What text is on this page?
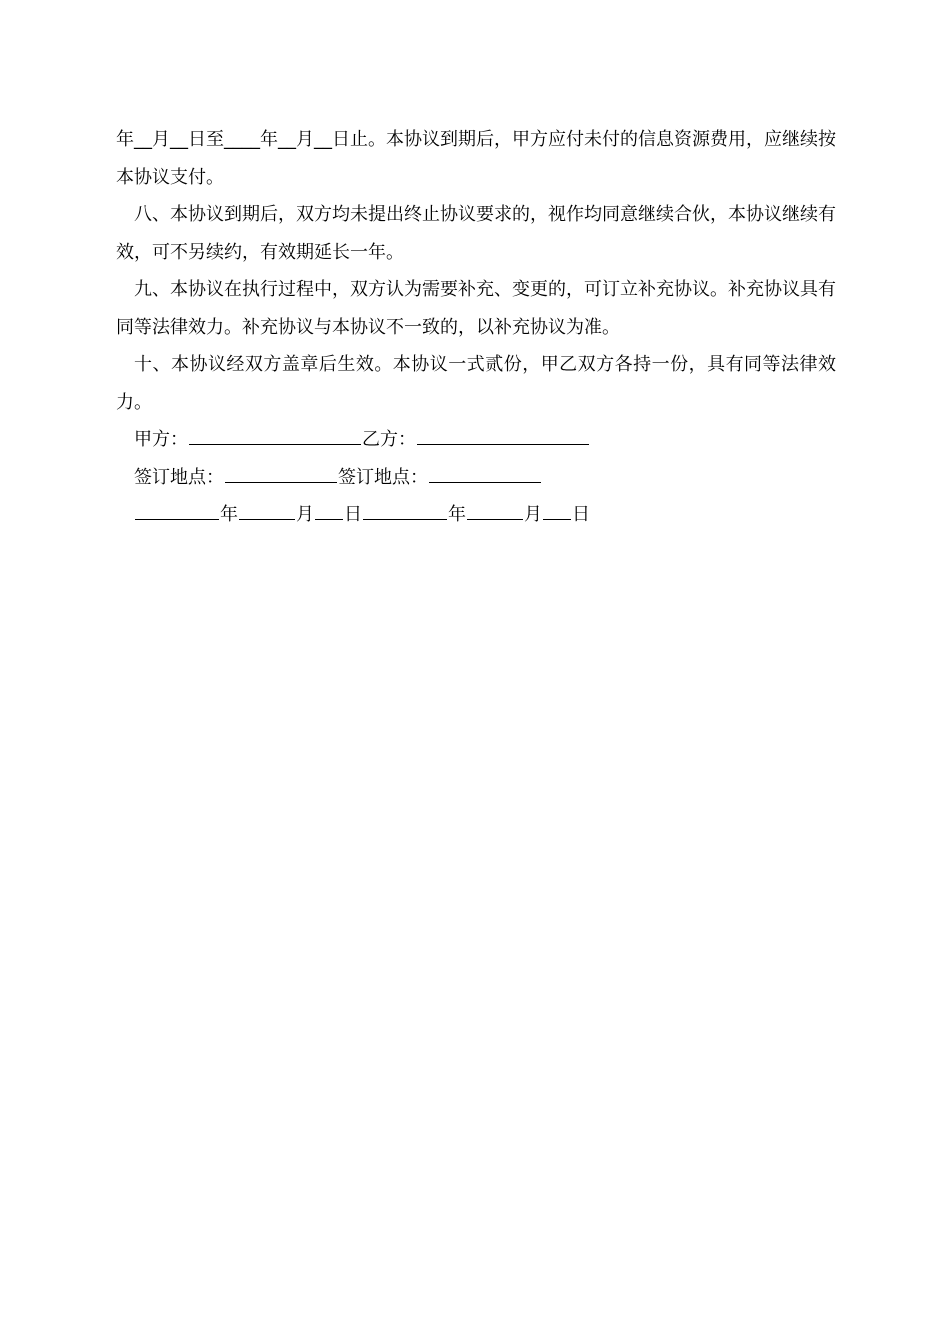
年__月__日至____年__月__日止。本协议到期后，甲方应付未付的信息资源费用，应继续按本协议支付。

八、本协议到期后，双方均未提出终止协议要求的，视作均同意继续合伙，本协议继续有效，可不另续约，有效期延长一年。

九、本协议在执行过程中，双方认为需要补充、变更的，可订立补充协议。补充协议具有同等法律效力。补充协议与本协议不一致的，以补充协议为准。

十、本协议经双方盖章后生效。本协议一式贰份，甲乙双方各持一份，具有同等法律效力。

甲方：	乙方：

签订地点：	签订地点：

年	月 日	年	月 日
